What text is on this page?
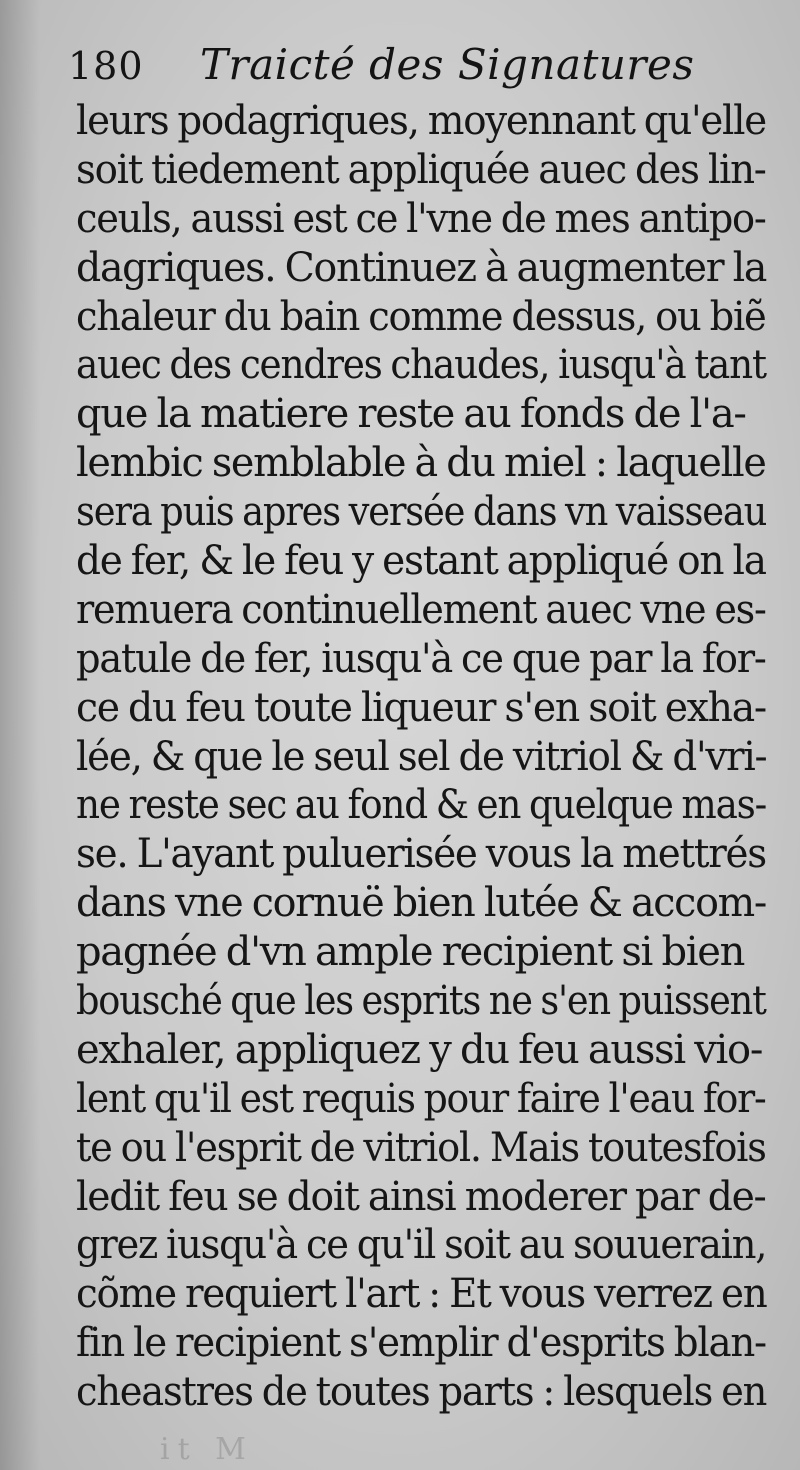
180 Traicté des Signatures
leurs podagriques, moyennant qu'elle
soit tiedement appliquée auec des lin-
ceuls, aussi est ce l'vne de mes antipo-
dagriques. Continuez à augmenter la
chaleur du bain comme dessus, ou biẽ
auec des cendres chaudes, iusqu'à tant
que la matiere reste au fonds de l'a-
lembic semblable à du miel : laquelle
sera puis apres versée dans vn vaisseau
de fer, & le feu y estant appliqué on la
remuera continuellement auec vne es-
patule de fer, iusqu'à ce que par la for-
ce du feu toute liqueur s'en soit exha-
lée, & que le seul sel de vitriol & d'vri-
ne reste sec au fond & en quelque mas-
se. L'ayant puluerisée vous la mettrés
dans vne cornuë bien lutée & accom-
pagnée d'vn ample recipient si bien
bousché que les esprits ne s'en puissent
exhaler, appliquez y du feu aussi vio-
lent qu'il est requis pour faire l'eau for-
te ou l'esprit de vitriol. Mais toutesfois
ledit feu se doit ainsi moderer par de-
grez iusqu'à ce qu'il soit au souuerain,
cõme requiert l'art : Et vous verrez en
fin le recipient s'emplir d'esprits blan-
cheastres de toutes parts : lesquels en
it M
